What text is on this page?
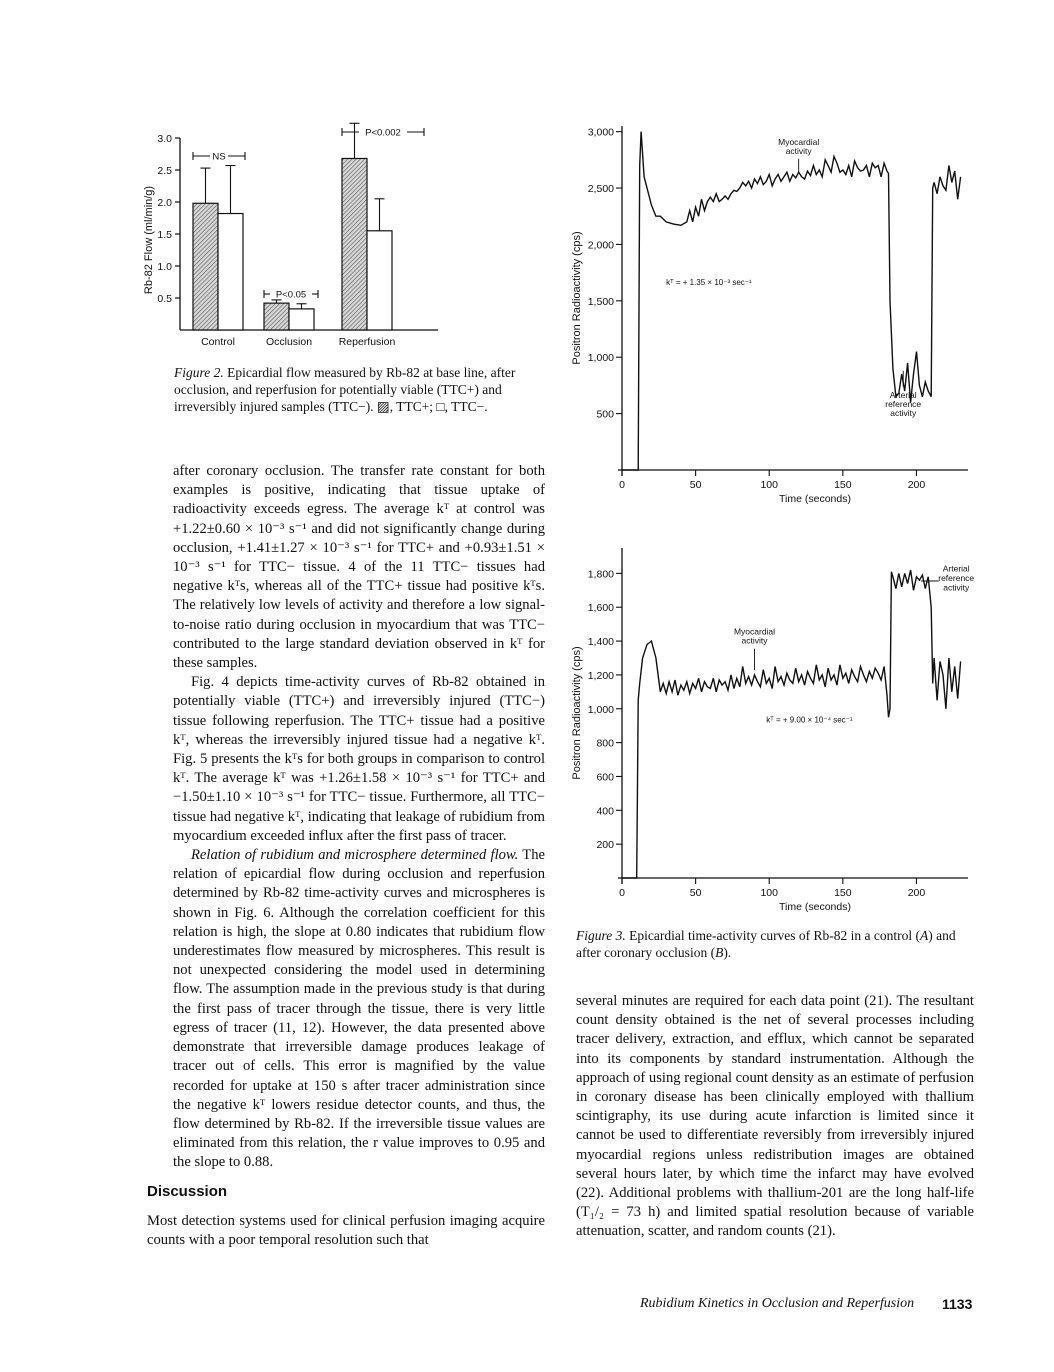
0.5
1.0
1.5
2.0
2.5
3.0
Rb-82 Flow (ml/min/g)
Control	Occlusion	Reperfusion
NS
P<0.05
P<0.002
Figure 2. Epicardial flow measured by Rb-82 at base line, after occlusion, and reperfusion for potentially viable (TTC+) and irreversibly injured samples (TTC−). ▨, TTC+; □, TTC−.
500
1,000
1,500
2,000
2,500
3,000
0	50	100	150	200
Time (seconds)
Positron Radioactivity (cps)
Myocardial
activity
kᵀ = + 1.35 × 10⁻³ sec⁻¹
Arterial
reference
activity
200
400
600
800
1,000
1,200
1,400
1,600
1,800
0	50	100	150	200
Time (seconds)
Positron Radioactivity (cps)
Myocardial
activity
kᵀ = + 9.00 × 10⁻⁴ sec⁻¹
Arterial
reference
activity
Figure 3. Epicardial time-activity curves of Rb-82 in a control (A) and after coronary occlusion (B).

after coronary occlusion. The transfer rate constant for both examples is positive, indicating that tissue uptake of radioactivity exceeds egress. The average kᵀ at control was +1.22±0.60 × 10⁻³ s⁻¹ and did not significantly change during occlusion, +1.41±1.27 × 10⁻³ s⁻¹ for TTC+ and +0.93±1.51 × 10⁻³ s⁻¹ for TTC− tissue. 4 of the 11 TTC− tissues had negative kᵀs, whereas all of the TTC+ tissue had positive kᵀs. The relatively low levels of activity and therefore a low signal-to-noise ratio during occlusion in myocardium that was TTC− contributed to the large standard deviation observed in kᵀ for these samples.

Fig. 4 depicts time-activity curves of Rb-82 obtained in potentially viable (TTC+) and irreversibly injured (TTC−) tissue following reperfusion. The TTC+ tissue had a positive kᵀ, whereas the irreversibly injured tissue had a negative kᵀ. Fig. 5 presents the kᵀs for both groups in comparison to control kᵀ. The average kᵀ was +1.26±1.58 × 10⁻³ s⁻¹ for TTC+ and −1.50±1.10 × 10⁻³ s⁻¹ for TTC− tissue. Furthermore, all TTC− tissue had negative kᵀ, indicating that leakage of rubidium from myocardium exceeded influx after the first pass of tracer.

Relation of rubidium and microsphere determined flow. The relation of epicardial flow during occlusion and reperfusion determined by Rb-82 time-activity curves and microspheres is shown in Fig. 6. Although the correlation coefficient for this relation is high, the slope at 0.80 indicates that rubidium flow underestimates flow measured by microspheres. This result is not unexpected considering the model used in determining flow. The assumption made in the previous study is that during the first pass of tracer through the tissue, there is very little egress of tracer (11, 12). However, the data presented above demonstrate that irreversible damage produces leakage of tracer out of cells. This error is magnified by the value recorded for uptake at 150 s after tracer administration since the negative kᵀ lowers residue detector counts, and thus, the flow determined by Rb-82. If the irreversible tissue values are eliminated from this relation, the r value improves to 0.95 and the slope to 0.88.

Discussion

Most detection systems used for clinical perfusion imaging acquire counts with a poor temporal resolution such that

several minutes are required for each data point (21). The resultant count density obtained is the net of several processes including tracer delivery, extraction, and efflux, which cannot be separated into its components by standard instrumentation. Although the approach of using regional count density as an estimate of perfusion in coronary disease has been clinically employed with thallium scintigraphy, its use during acute infarction is limited since it cannot be used to differentiate reversibly from irreversibly injured myocardial regions unless redistribution images are obtained several hours later, by which time the infarct may have evolved (22). Additional problems with thallium-201 are the long half-life (T₁/₂ = 73 h) and limited spatial resolution because of variable attenuation, scatter, and random counts (21).

Rubidium Kinetics in Occlusion and Reperfusion 1133
